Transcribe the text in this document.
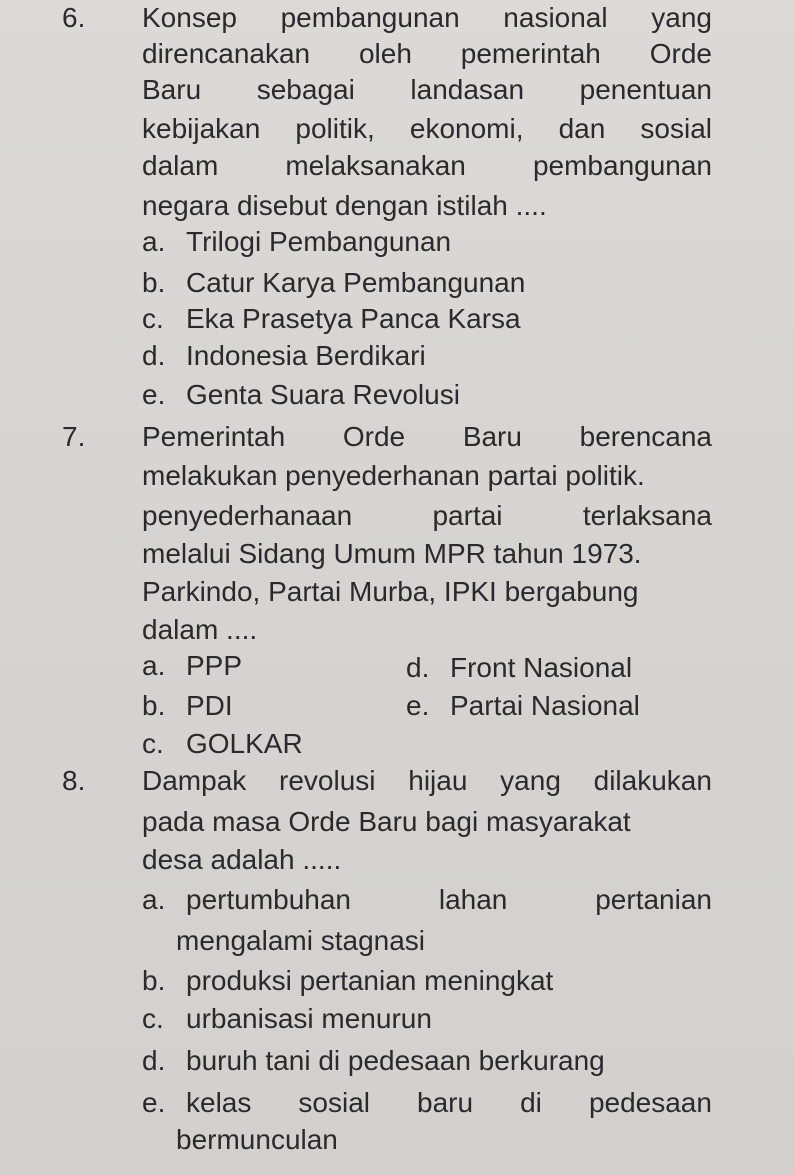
6. Konsep pembangunan nasional yang
direncanakan oleh pemerintah Orde
Baru sebagai landasan penentuan
kebijakan politik, ekonomi, dan sosial
dalam melaksanakan pembangunan
negara disebut dengan istilah ....
a. Trilogi Pembangunan
b. Catur Karya Pembangunan
c. Eka Prasetya Panca Karsa
d. Indonesia Berdikari
e. Genta Suara Revolusi
7. Pemerintah Orde Baru berencana
melakukan penyederhanan partai politik.
penyederhanaan	partai	terlaksana
melalui Sidang Umum MPR tahun 1973.
Parkindo, Partai Murba, IPKI bergabung
dalam ....
a. PPP
b. PDI
c. GOLKAR
d. Front Nasional
e. Partai Nasional
8. Dampak revolusi hijau yang dilakukan
pada masa Orde Baru bagi masyarakat
desa adalah .....
a. pertumbuhan	lahan	pertanian
mengalami stagnasi
b. produksi pertanian meningkat
c. urbanisasi menurun
d. buruh tani di pedesaan berkurang
e. kelas sosial baru di pedesaan
bermunculan
